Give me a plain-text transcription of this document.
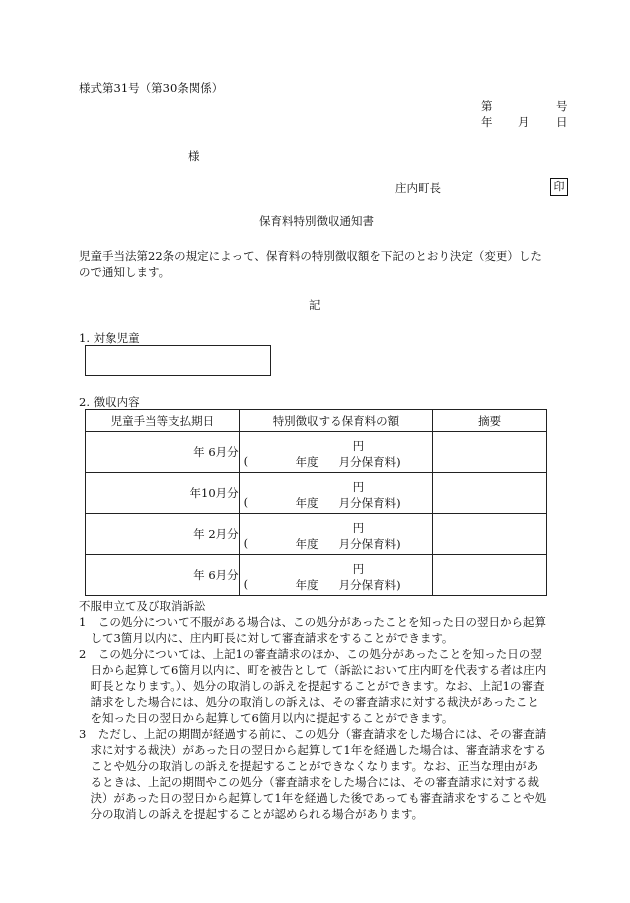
様式第31号（第30条関係）
第	号
年 月 日
様
庄内町長	印
保育料特別徴収通知書
児童手当法第22条の規定によって、保育料の特別徴収額を下記のとおり決定（変更）した
ので通知します。
記
1. 対象児童
2. 徴収内容
児童手当等支払期日	特別徴収する保育料の額	摘要
年 6月分	円
( 年度 月分保育料)	

年10月分	円
( 年度 月分保育料)	

年 2月分	円
( 年度 月分保育料)	

年 6月分	円
( 年度 月分保育料)	

不服申立て及び取消訴訟
1　この処分について不服がある場合は、この処分があったことを知った日の翌日から起算
　して3箇月以内に、庄内町長に対して審査請求をすることができます。
2　この処分については、上記1の審査請求のほか、この処分があったことを知った日の翌
　日から起算して6箇月以内に、町を被告として（訴訟において庄内町を代表する者は庄内
　町長となります。）、処分の取消しの訴えを提起することができます。なお、上記1の審査
　請求をした場合には、処分の取消しの訴えは、その審査請求に対する裁決があったこと
　を知った日の翌日から起算して6箇月以内に提起することができます。
3　ただし、上記の期間が経過する前に、この処分（審査請求をした場合には、その審査請
　求に対する裁決）があった日の翌日から起算して1年を経過した場合は、審査請求をする
　ことや処分の取消しの訴えを提起することができなくなります。なお、正当な理由があ
　るときは、上記の期間やこの処分（審査請求をした場合には、その審査請求に対する裁
　決）があった日の翌日から起算して1年を経過した後であっても審査請求をすることや処
　分の取消しの訴えを提起することが認められる場合があります。
